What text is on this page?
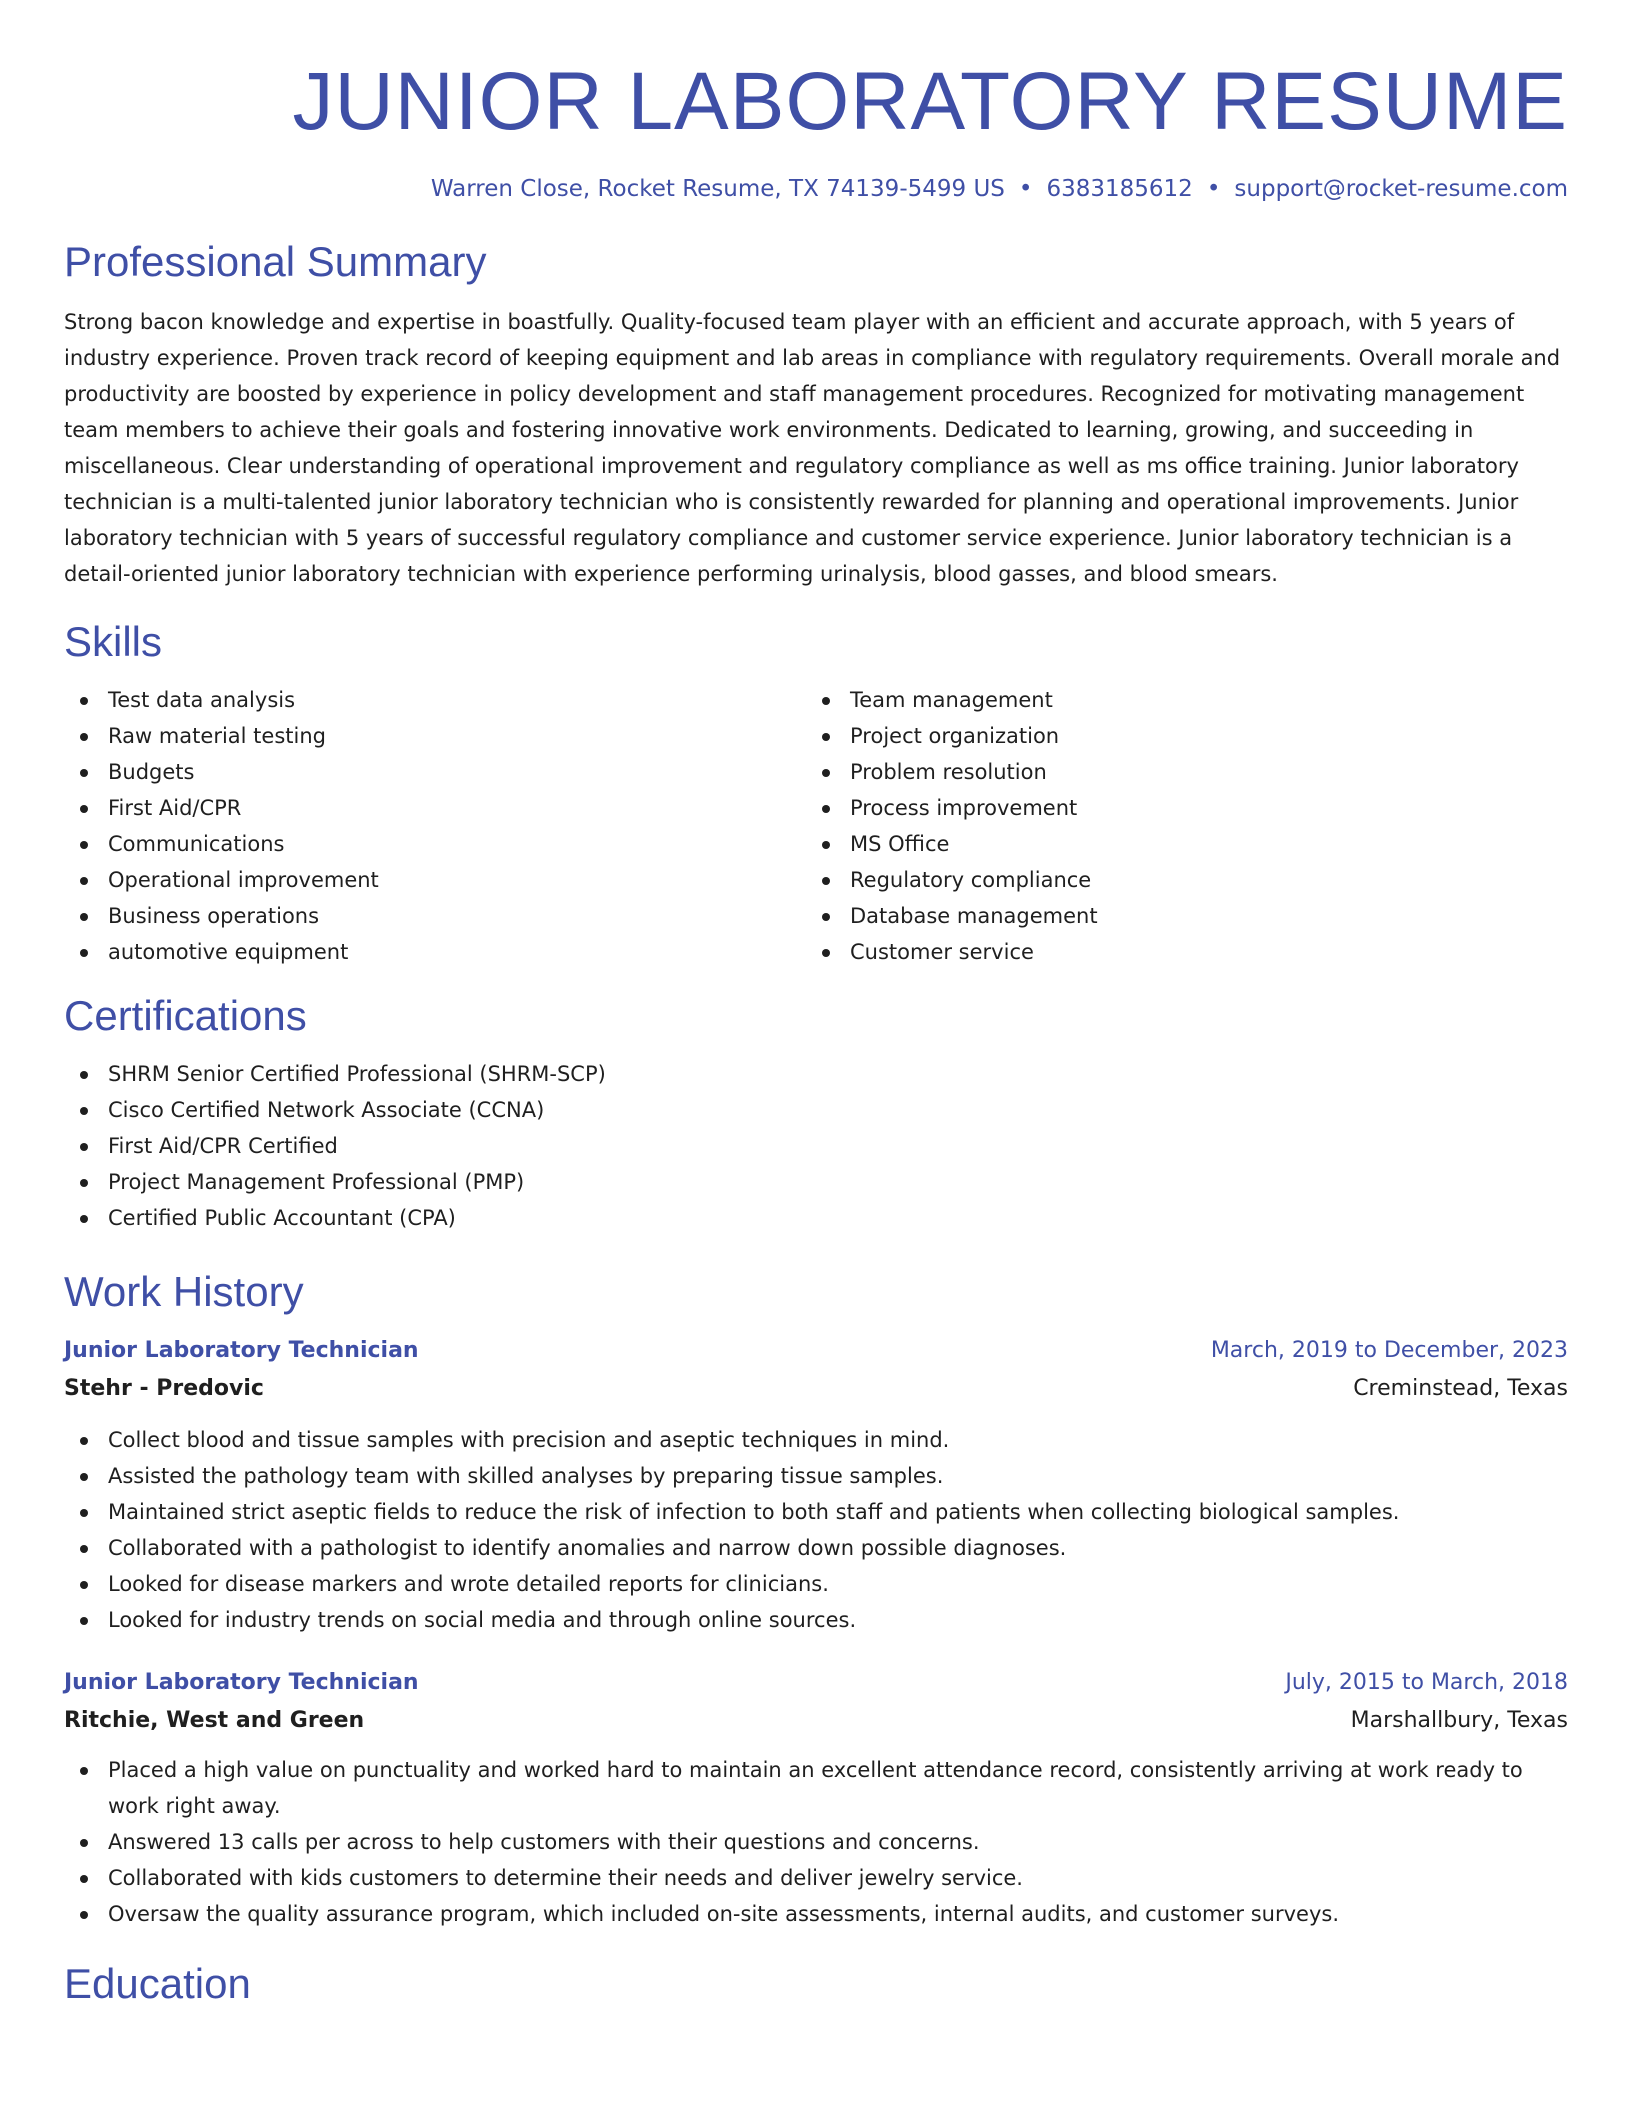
JUNIOR LABORATORY RESUME
Warren Close, Rocket Resume, TX 74139-5499 US • 6383185612 • support@rocket-resume.com
Professional Summary
Strong bacon knowledge and expertise in boastfully. Quality-focused team player with an efficient and accurate approach, with 5 years of industry experience. Proven track record of keeping equipment and lab areas in compliance with regulatory requirements. Overall morale and productivity are boosted by experience in policy development and staff management procedures. Recognized for motivating management team members to achieve their goals and fostering innovative work environments. Dedicated to learning, growing, and succeeding in miscellaneous. Clear understanding of operational improvement and regulatory compliance as well as ms office training. Junior laboratory technician is a multi-talented junior laboratory technician who is consistently rewarded for planning and operational improvements. Junior laboratory technician with 5 years of successful regulatory compliance and customer service experience. Junior laboratory technician is a detail-oriented junior laboratory technician with experience performing urinalysis, blood gasses, and blood smears.
Skills
Test data analysis
Raw material testing
Budgets
First Aid/CPR
Communications
Operational improvement
Business operations
automotive equipment
Team management
Project organization
Problem resolution
Process improvement
MS Office
Regulatory compliance
Database management
Customer service
Certifications
SHRM Senior Certified Professional (SHRM-SCP)
Cisco Certified Network Associate (CCNA)
First Aid/CPR Certified
Project Management Professional (PMP)
Certified Public Accountant (CPA)
Work History
Junior Laboratory Technician	March, 2019 to December, 2023
Stehr - Predovic	Creminstead, Texas
Collect blood and tissue samples with precision and aseptic techniques in mind.
Assisted the pathology team with skilled analyses by preparing tissue samples.
Maintained strict aseptic fields to reduce the risk of infection to both staff and patients when collecting biological samples.
Collaborated with a pathologist to identify anomalies and narrow down possible diagnoses.
Looked for disease markers and wrote detailed reports for clinicians.
Looked for industry trends on social media and through online sources.
Junior Laboratory Technician	July, 2015 to March, 2018
Ritchie, West and Green	Marshallbury, Texas
Placed a high value on punctuality and worked hard to maintain an excellent attendance record, consistently arriving at work ready to work right away.
Answered 13 calls per across to help customers with their questions and concerns.
Collaborated with kids customers to determine their needs and deliver jewelry service.
Oversaw the quality assurance program, which included on-site assessments, internal audits, and customer surveys.
Education
